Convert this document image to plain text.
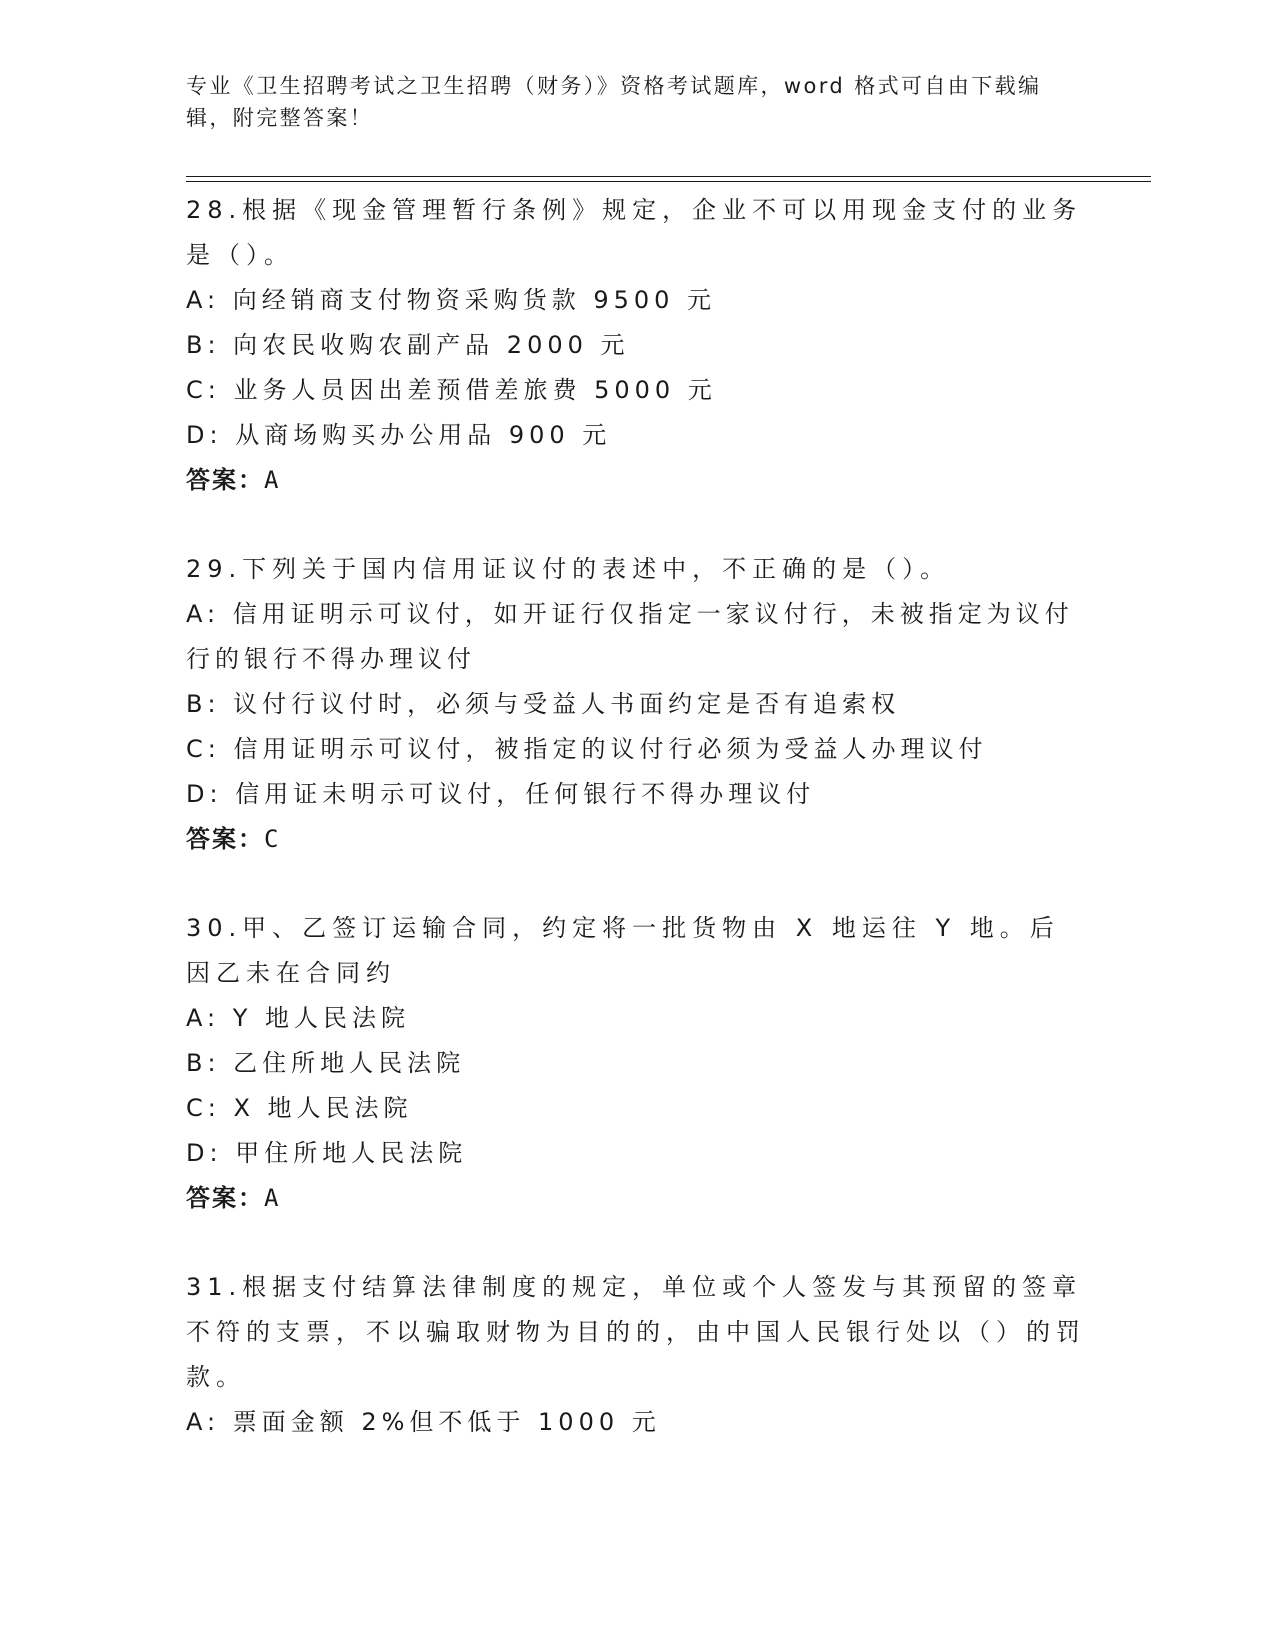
专业《卫生招聘考试之卫生招聘（财务）》资格考试题库，word 格式可自由下载编辑，附完整答案！
28.根据《现金管理暂行条例》规定，企业不可以用现金支付的业务是（）。
A: 向经销商支付物资采购货款 9500 元
B: 向农民收购农副产品 2000 元
C: 业务人员因出差预借差旅费 5000 元
D: 从商场购买办公用品 900 元
答案：A
29.下列关于国内信用证议付的表述中，不正确的是（）。
A: 信用证明示可议付，如开证行仅指定一家议付行，未被指定为议付行的银行不得办理议付
B: 议付行议付时，必须与受益人书面约定是否有追索权
C: 信用证明示可议付，被指定的议付行必须为受益人办理议付
D: 信用证未明示可议付，任何银行不得办理议付
答案：C
30.甲、乙签订运输合同，约定将一批货物由 X 地运往 Y 地。后因乙未在合同约
A: Y 地人民法院
B: 乙住所地人民法院
C: X 地人民法院
D: 甲住所地人民法院
答案：A
31.根据支付结算法律制度的规定，单位或个人签发与其预留的签章不符的支票，不以骗取财物为目的的，由中国人民银行处以（）的罚款。
A: 票面金额 2%但不低于 1000 元
